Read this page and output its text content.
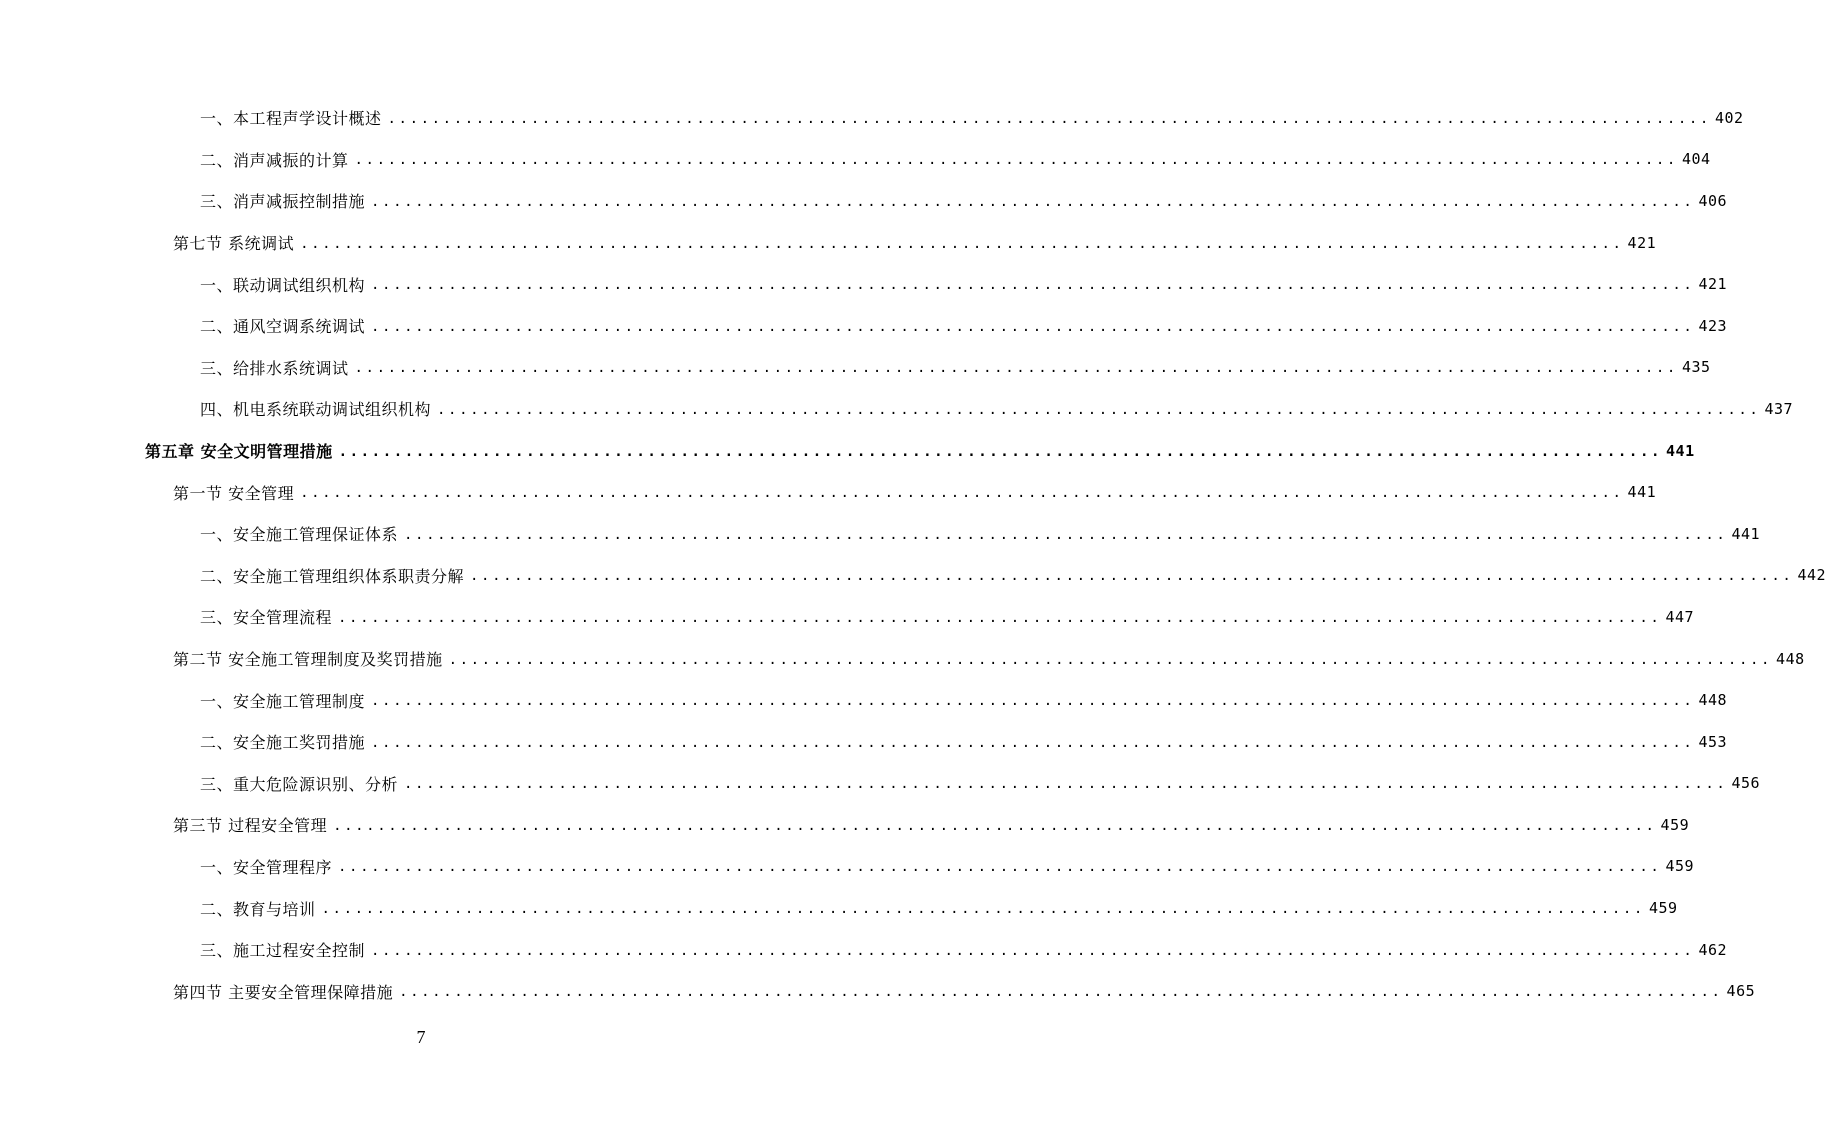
一、本工程声学设计概述 ........................................................................................................................ 402
二、消声减振的计算 ........................................................................................................................ 404
三、消声减振控制措施 ........................................................................................................................ 406
第七节 系统调试 ........................................................................................................................ 421
一、联动调试组织机构 ........................................................................................................................ 421
二、通风空调系统调试 ........................................................................................................................ 423
三、给排水系统调试 ........................................................................................................................ 435
四、机电系统联动调试组织机构 ........................................................................................................................ 437
第五章 安全文明管理措施 ........................................................................................................................ 441
第一节 安全管理 ........................................................................................................................ 441
一、安全施工管理保证体系 ........................................................................................................................ 441
二、安全施工管理组织体系职责分解 ........................................................................................................................ 442
三、安全管理流程 ........................................................................................................................ 447
第二节 安全施工管理制度及奖罚措施 ........................................................................................................................ 448
一、安全施工管理制度 ........................................................................................................................ 448
二、安全施工奖罚措施 ........................................................................................................................ 453
三、重大危险源识别、分析 ........................................................................................................................ 456
第三节 过程安全管理 ........................................................................................................................ 459
一、安全管理程序 ........................................................................................................................ 459
二、教育与培训 ........................................................................................................................ 459
三、施工过程安全控制 ........................................................................................................................ 462
第四节 主要安全管理保障措施 ........................................................................................................................ 465
7
